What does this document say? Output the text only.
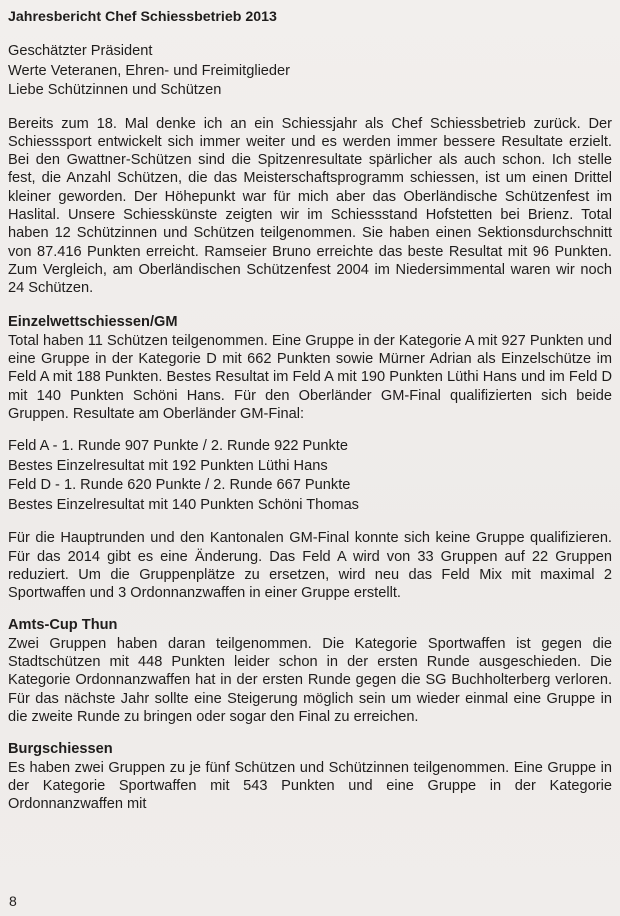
Jahresbericht Chef Schiessbetrieb 2013
Geschätzter Präsident
Werte Veteranen, Ehren- und Freimitglieder
Liebe Schützinnen und Schützen

Bereits zum 18. Mal denke ich an ein Schiessjahr als Chef Schiessbetrieb zurück. Der Schiesssport entwickelt sich immer weiter und es werden immer bessere Resultate erzielt. Bei den Gwattner-Schützen sind die Spitzenresultate spärlicher als auch schon. Ich stelle fest, die Anzahl Schützen, die das Meisterschaftsprogramm schiessen, ist um einen Drittel kleiner geworden. Der Höhepunkt war für mich aber das Oberländische Schützenfest im Haslital. Unsere Schiesskünste zeigten wir im Schiessstand Hofstetten bei Brienz. Total haben 12 Schützinnen und Schützen teilgenommen. Sie haben einen Sektionsdurchschnitt von 87.416 Punkten erreicht. Ramseier Bruno erreichte das beste Resultat mit 96 Punkten. Zum Vergleich, am Oberländischen Schützenfest 2004 im Niedersimmental waren wir noch 24 Schützen.

Einzelwettschiessen/GM

Total haben 11 Schützen teilgenommen. Eine Gruppe in der Kategorie A mit 927 Punkten und eine Gruppe in der Kategorie D mit 662 Punkten sowie Mürner Adrian als Einzelschütze im Feld A mit 188 Punkten. Bestes Resultat im Feld A mit 190 Punkten Lüthi Hans und im Feld D mit 140 Punkten Schöni Hans. Für den Oberländer GM-Final qualifizierten sich beide Gruppen. Resultate am Oberländer GM-Final:

Feld A - 1. Runde 907 Punkte / 2. Runde 922 Punkte
Bestes Einzelresultat mit 192 Punkten Lüthi Hans
Feld D - 1. Runde 620 Punkte / 2. Runde 667 Punkte
Bestes Einzelresultat mit 140 Punkten Schöni Thomas

Für die Hauptrunden und den Kantonalen GM-Final konnte sich keine Gruppe qualifizieren. Für das 2014 gibt es eine Änderung. Das Feld A wird von 33 Gruppen auf 22 Gruppen reduziert. Um die Gruppenplätze zu ersetzen, wird neu das Feld Mix mit maximal 2 Sportwaffen und 3 Ordonnanzwaffen in einer Gruppe erstellt.

Amts-Cup Thun

Zwei Gruppen haben daran teilgenommen. Die Kategorie Sportwaffen ist gegen die Stadtschützen mit 448 Punkten leider schon in der ersten Runde ausgeschieden. Die Kategorie Ordonnanzwaffen hat in der ersten Runde gegen die SG Buchholterberg verloren. Für das nächste Jahr sollte eine Steigerung möglich sein um wieder einmal eine Gruppe in die zweite Runde zu bringen oder sogar den Final zu erreichen.

Burgschiessen

Es haben zwei Gruppen zu je fünf Schützen und Schützinnen teilgenommen. Eine Gruppe in der Kategorie Sportwaffen mit 543 Punkten und eine Gruppe in der Kategorie Ordonnanzwaffen mit

8
